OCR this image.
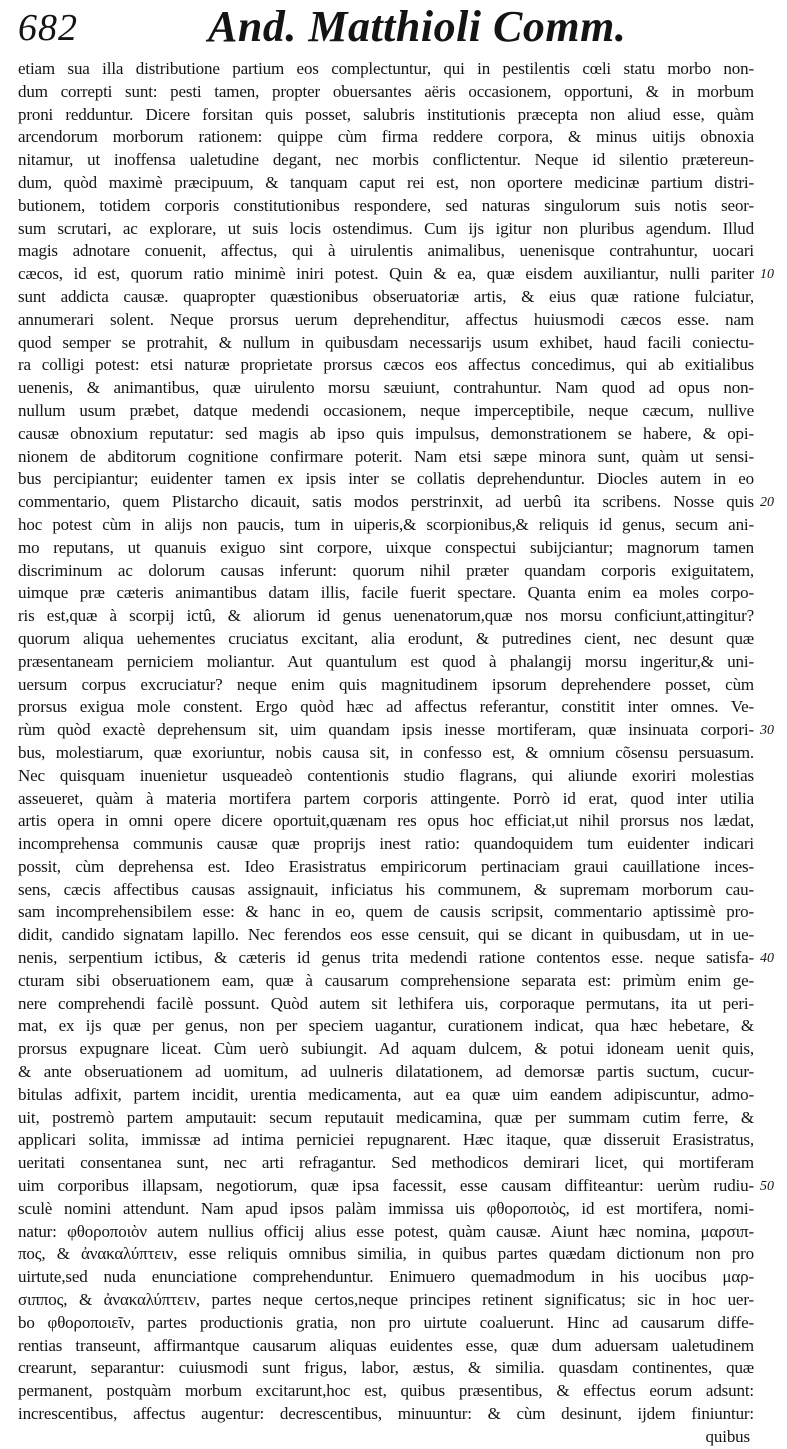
682	And. Matthioli Comm.
etiam sua illa distributione partium eos complectuntur, qui in pestilentis cœli statu morbo non-
dum correpti sunt: pesti tamen, propter obuersantes aëris occasionem, opportuni, & in morbum
proni redduntur. Dicere forsitan quis posset, salubris institutionis præcepta non aliud esse, quàm
arcendorum morborum rationem: quippe cùm firma reddere corpora, & minus uitijs obnoxia
nitamur, ut inoffensa ualetudine degant, nec morbis conflictentur. Neque id silentio prætereun-
dum, quòd maximè præcipuum, & tanquam caput rei est, non oportere medicinæ partium distri-
butionem, totidem corporis constitutionibus respondere, sed naturas singulorum suis notis seor-
sum scrutari, ac explorare, ut suis locis ostendimus. Cum ijs igitur non pluribus agendum. Illud
magis adnotare conuenit, affectus, qui à uirulentis animalibus, uenenisque contrahuntur, uocari
cæcos, id est, quorum ratio minimè iniri potest. Quin & ea, quæ eisdem auxiliantur, nulli pariter
sunt addicta causæ. quapropter quæstionibus obseruatoriæ artis, & eius quæ ratione fulciatur,
annumerari solent. Neque prorsus uerum deprehenditur, affectus huiusmodi cæcos esse. nam
quod semper se protrahit, & nullum in quibusdam necessarijs usum exhibet, haud facili coniectu-
ra colligi potest: etsi naturæ proprietate prorsus cæcos eos affectus concedimus, qui ab exitialibus
uenenis, & animantibus, quæ uirulento morsu sæuiunt, contrahuntur. Nam quod ad opus non-
nullum usum præbet, datque medendi occasionem, neque imperceptibile, neque cæcum, nullive
causæ obnoxium reputatur: sed magis ab ipso quis impulsus, demonstrationem se habere, & opi-
nionem de abditorum cognitione confirmare poterit. Nam etsi sæpe minora sunt, quàm ut sensi-
bus percipiantur; euidenter tamen ex ipsis inter se collatis deprehenduntur. Diocles autem in eo
commentario, quem Plistarcho dicauit, satis modos perstrinxit, ad uerbû ita scribens. Nosse quis
hoc potest cùm in alijs non paucis, tum in uiperis,& scorpionibus,& reliquis id genus, secum ani-
mo reputans, ut quanuis exiguo sint corpore, uixque conspectui subijciantur; magnorum tamen
discriminum ac dolorum causas inferunt: quorum nihil præter quandam corporis exiguitatem,
uimque præ cæteris animantibus datam illis, facile fuerit spectare. Quanta enim ea moles corpo-
ris est,quæ à scorpij ictû, & aliorum id genus uenenatorum,quæ nos morsu conficiunt,attingitur?
quorum aliqua uehementes cruciatus excitant, alia erodunt, & putredines cient, nec desunt quæ
præsentaneam perniciem moliantur. Aut quantulum est quod à phalangij morsu ingeritur,& uni-
uersum corpus excruciatur? neque enim quis magnitudinem ipsorum deprehendere posset, cùm
prorsus exigua mole constent. Ergo quòd hæc ad affectus referantur, constitit inter omnes. Ve-
rùm quòd exactè deprehensum sit, uim quandam ipsis inesse mortiferam, quæ insinuata corpori-
bus, molestiarum, quæ exoriuntur, nobis causa sit, in confesso est, & omnium cõsensu persuasum.
Nec quisquam inuenietur usqueadeò contentionis studio flagrans, qui aliunde exoriri molestias
asseueret, quàm à materia mortifera partem corporis attingente. Porrò id erat, quod inter utilia
artis opera in omni opere dicere oportuit,quænam res opus hoc efficiat,ut nihil prorsus nos lædat,
incomprehensa communis causæ quæ proprijs inest ratio: quandoquidem tum euidenter indicari
possit, cùm deprehensa est. Ideo Erasistratus empiricorum pertinaciam graui cauillatione inces-
sens, cæcis affectibus causas assignauit, inficiatus his communem, & supremam morborum cau-
sam incomprehensibilem esse: & hanc in eo, quem de causis scripsit, commentario aptissimè pro-
didit, candido signatam lapillo. Nec ferendos eos esse censuit, qui se dicant in quibusdam, ut in ue-
nenis, serpentium ictibus, & cæteris id genus trita medendi ratione contentos esse. neque satisfa-
cturam sibi obseruationem eam, quæ à causarum comprehensione separata est: primùm enim ge-
nere comprehendi facilè possunt. Quòd autem sit lethifera uis, corporaque permutans, ita ut peri-
mat, ex ijs quæ per genus, non per speciem uagantur, curationem indicat, qua hæc hebetare, &
prorsus expugnare liceat. Cùm uerò subiungit. Ad aquam dulcem, & potui idoneam uenit quis,
& ante obseruationem ad uomitum, ad uulneris dilatationem, ad demorsæ partis suctum, cucur-
bitulas adfixit, partem incidit, urentia medicamenta, aut ea quæ uim eandem adipiscuntur, admo-
uit, postremò partem amputauit: secum reputauit medicamina, quæ per summam cutim ferre, &
applicari solita, immissæ ad intima perniciei repugnarent. Hæc itaque, quæ disseruit Erasistratus,
ueritati consentanea sunt, nec arti refragantur. Sed methodicos demirari licet, qui mortiferam
uim corporibus illapsam, negotiorum, quæ ipsa facessit, esse causam diffiteantur: uerùm rudiu-
sculè nomini attendunt. Nam apud ipsos palàm immissa uis φθοροποιὸς, id est mortifera, nomi-
natur: φθοροποιὸν autem nullius officij alius esse potest, quàm causæ. Aiunt hæc nomina, μαρσιπ-
πος, & ἀνακαλύπτειν, esse reliquis omnibus similia, in quibus partes quædam dictionum non pro
uirtute,sed nuda enunciatione comprehenduntur. Enimuero quemadmodum in his uocibus μαρ-
σιππος, & ἀνακαλύπτειν, partes neque certos,neque principes retinent significatus; sic in hoc uer-
bo φθοροποιεῖν, partes productionis gratia, non pro uirtute coaluerunt. Hinc ad causarum diffe-
rentias transeunt, affirmantque causarum aliquas euidentes esse, quæ dum aduersam ualetudinem
crearunt, separantur: cuiusmodi sunt frigus, labor, æstus, & similia. quasdam continentes, quæ
permanent, postquàm morbum excitarunt,hoc est, quibus præsentibus, & effectus eorum adsunt:
increscentibus, affectus augentur: decrescentibus, minuuntur: & cùm desinunt, ijdem finiuntur:
quibus
10
20
30
40
50
